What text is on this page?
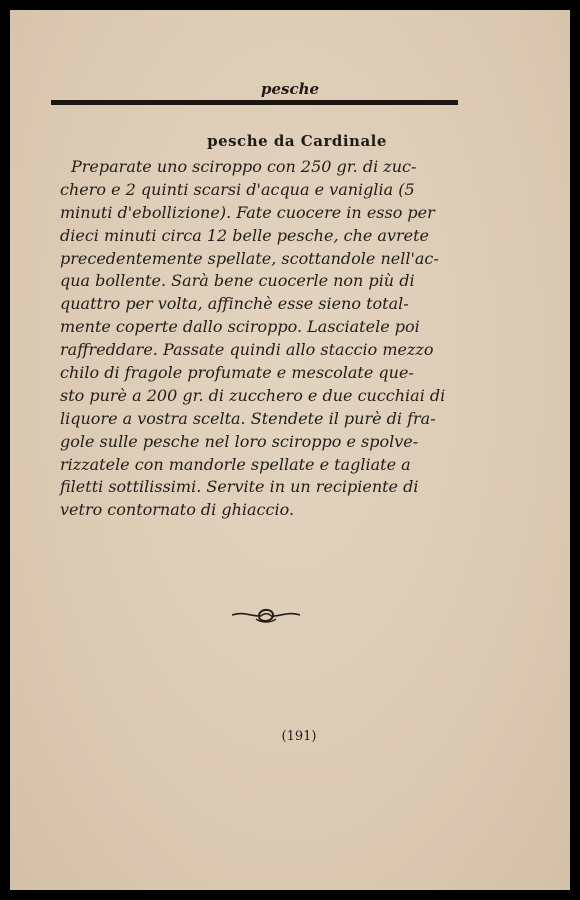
pesche
pesche da Cardinale
Preparate uno sciroppo con 250 gr. di zuc-
chero e 2 quinti scarsi d'acqua e vaniglia (5
minuti d'ebollizione). Fate cuocere in esso per
dieci minuti circa 12 belle pesche, che avrete
precedentemente spellate, scottandole nell'ac-
qua bollente. Sarà bene cuocerle non più di
quattro per volta, affinchè esse sieno total-
mente coperte dallo sciroppo. Lasciatele poi
raffreddare. Passate quindi allo staccio mezzo
chilo di fragole profumate e mescolate que-
sto purè a 200 gr. di zucchero e due cucchiai di
liquore a vostra scelta. Stendete il purè di fra-
gole sulle pesche nel loro sciroppo e spolve-
rizzatele con mandorle spellate e tagliate a
filetti sottilissimi. Servite in un recipiente di
vetro contornato di ghiaccio.
(191)
